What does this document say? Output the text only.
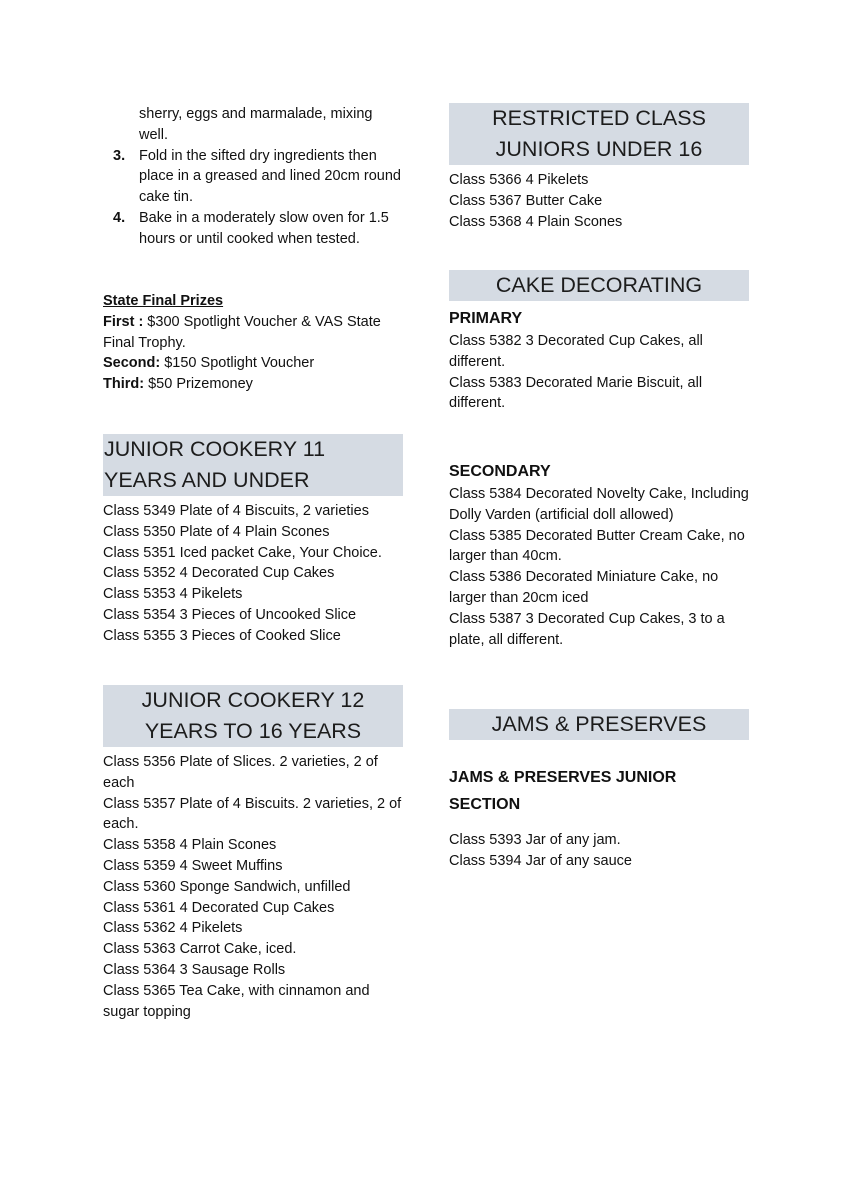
sherry, eggs and marmalade, mixing well.
3. Fold in the sifted dry ingredients then place in a greased and lined 20cm round cake tin.
4. Bake in a moderately slow oven for 1.5 hours or until cooked when tested.
State Final Prizes
First : $300 Spotlight Voucher & VAS State Final Trophy.
Second: $150 Spotlight Voucher
Third: $50 Prizemoney
JUNIOR COOKERY 11 YEARS AND UNDER
Class 5349 Plate of 4 Biscuits, 2 varieties
Class 5350 Plate of 4 Plain Scones
Class 5351 Iced packet Cake, Your Choice.
Class 5352 4 Decorated Cup Cakes
Class 5353 4 Pikelets
Class 5354 3 Pieces of Uncooked Slice
Class 5355 3 Pieces of Cooked Slice
JUNIOR COOKERY 12 YEARS TO 16 YEARS
Class 5356 Plate of Slices. 2 varieties, 2 of each
Class 5357 Plate of 4 Biscuits. 2 varieties, 2 of each.
Class 5358 4 Plain Scones
Class 5359 4 Sweet Muffins
Class 5360 Sponge Sandwich, unfilled
Class 5361 4 Decorated Cup Cakes
Class 5362 4 Pikelets
Class 5363 Carrot Cake, iced.
Class 5364 3 Sausage Rolls
Class 5365 Tea Cake, with cinnamon and sugar topping
RESTRICTED CLASS JUNIORS UNDER 16
Class 5366 4 Pikelets
Class 5367 Butter Cake
Class 5368 4 Plain Scones
CAKE DECORATING
PRIMARY
Class 5382 3 Decorated Cup Cakes, all different.
Class 5383 Decorated Marie Biscuit, all different.
SECONDARY
Class 5384 Decorated Novelty Cake, Including Dolly Varden (artificial doll allowed)
Class 5385 Decorated Butter Cream Cake, no larger than 40cm.
Class 5386 Decorated Miniature Cake, no larger than 20cm iced
Class 5387 3 Decorated Cup Cakes, 3 to a plate, all different.
JAMS & PRESERVES
JAMS & PRESERVES JUNIOR SECTION
Class 5393 Jar of any jam.
Class 5394 Jar of any sauce
